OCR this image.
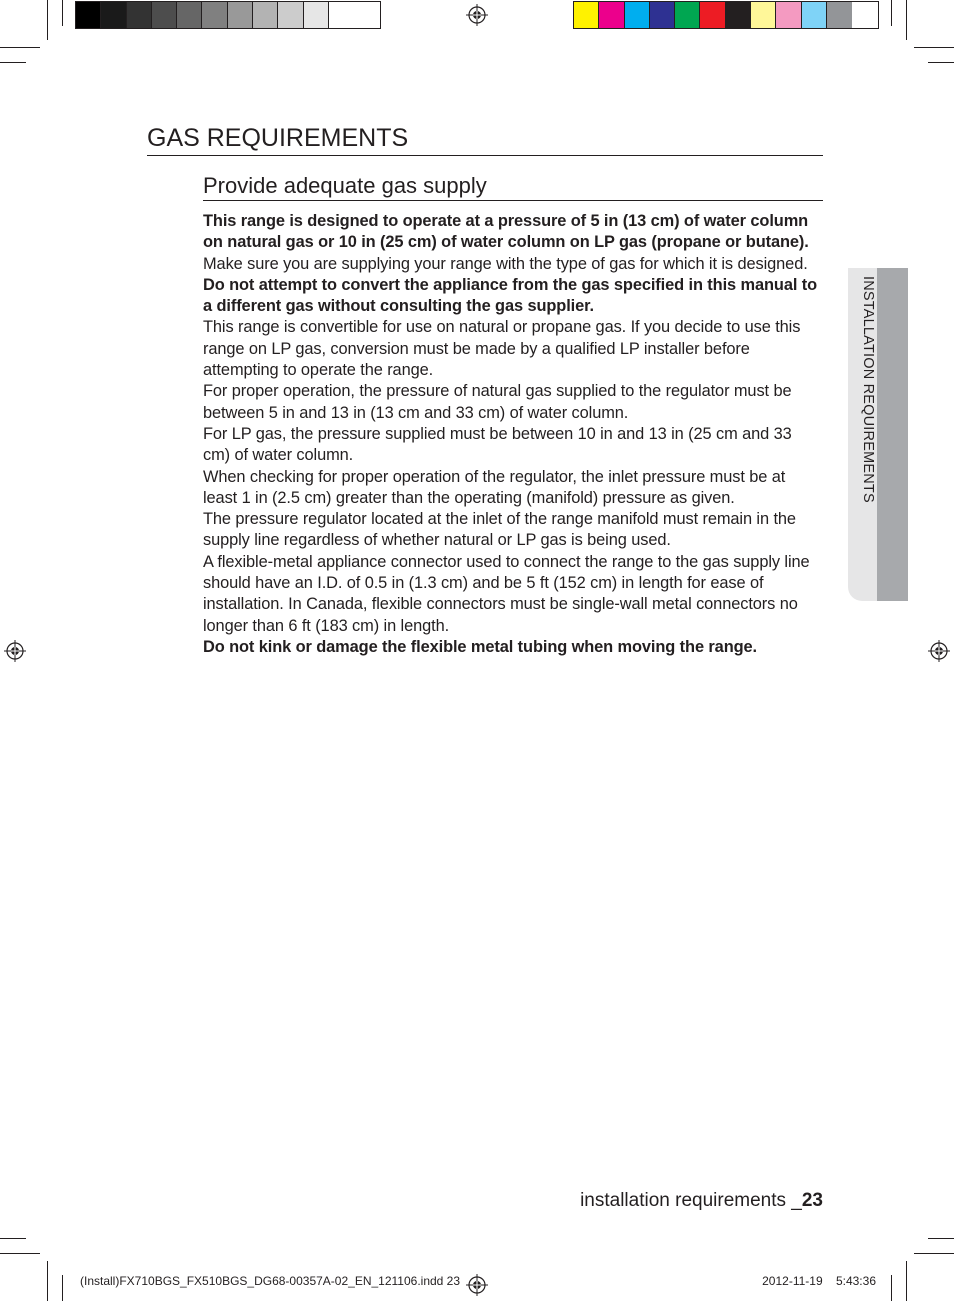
GAS REQUIREMENTS
Provide adequate gas supply

This range is designed to operate at a pressure of 5 in (13 cm) of water column on natural gas or 10 in (25 cm) of water column on LP gas (propane or butane).

Make sure you are supplying your range with the type of gas for which it is designed. Do not attempt to convert the appliance from the gas specified in this manual to a different gas without consulting the gas supplier.

This range is convertible for use on natural or propane gas. If you decide to use this range on LP gas, conversion must be made by a qualified LP installer before attempting to operate the range.

For proper operation, the pressure of natural gas supplied to the regulator must be between 5 in and 13 in (13 cm and 33 cm) of water column.

For LP gas, the pressure supplied must be between 10 in and 13 in (25 cm and 33 cm) of water column.

When checking for proper operation of the regulator, the inlet pressure must be at least 1 in (2.5 cm) greater than the operating (manifold) pressure as given.

The pressure regulator located at the inlet of the range manifold must remain in the supply line regardless of whether natural or LP gas is being used.

A flexible-metal appliance connector used to connect the range to the gas supply line should have an I.D. of 0.5 in (1.3 cm) and be 5 ft (152 cm) in length for ease of installation. In Canada, flexible connectors must be single-wall metal connectors no longer than 6 ft (183 cm) in length.

Do not kink or damage the flexible metal tubing when moving the range.

INSTALLATION REQUIREMENTS
installation requirements _23
(Install)FX710BGS_FX510BGS_DG68-00357A-02_EN_121106.indd 23	2012-11-19    5:43:36
